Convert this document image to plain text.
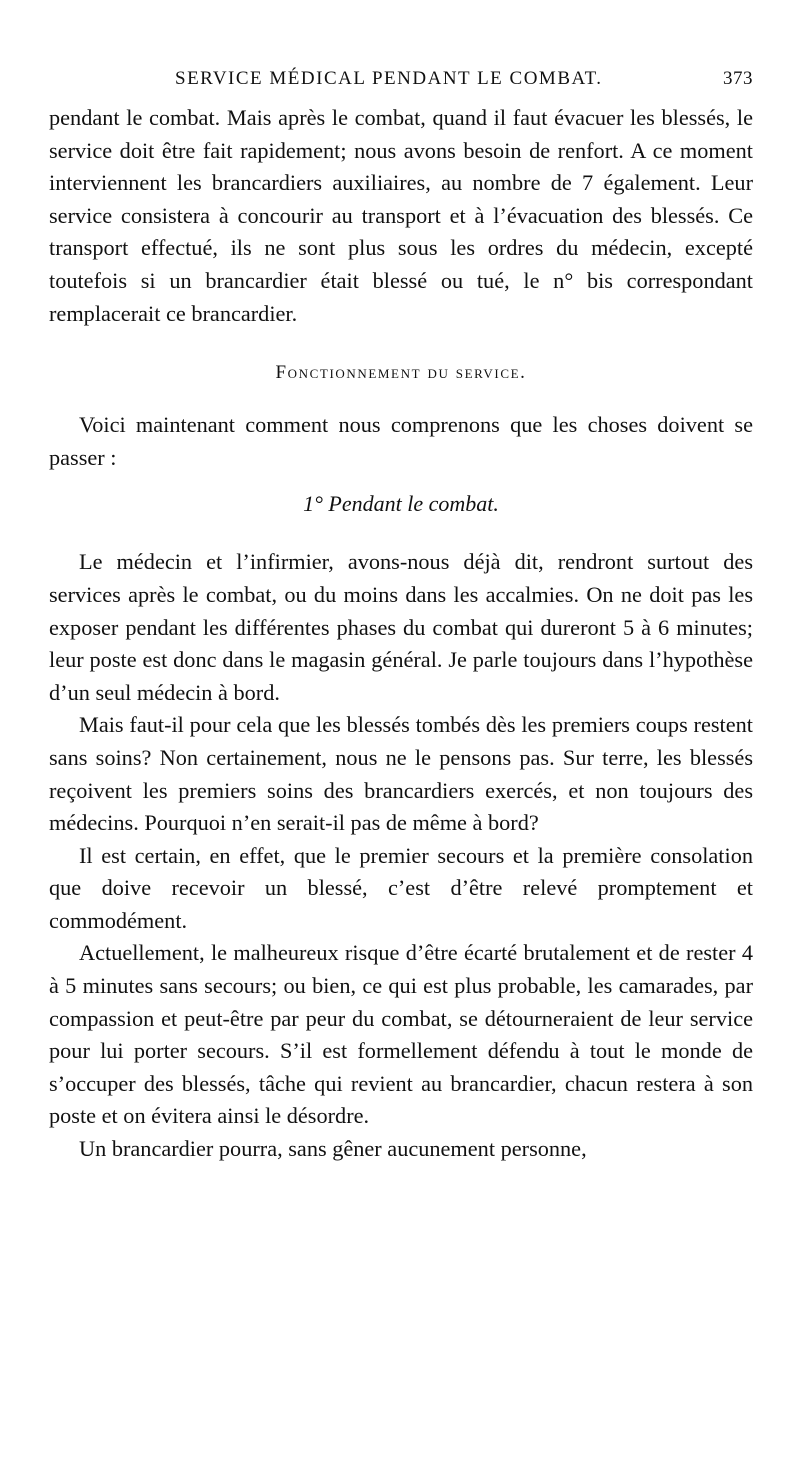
SERVICE MÉDICAL PENDANT LE COMBAT.	373

pendant le combat. Mais après le combat, quand il faut évacuer les blessés, le service doit être fait rapidement; nous avons besoin de renfort. A ce moment interviennent les brancardiers auxiliaires, au nombre de 7 également. Leur service consistera à concourir au transport et à l’évacuation des blessés. Ce transport effectué, ils ne sont plus sous les ordres du médecin, excepté toutefois si un brancardier était blessé ou tué, le n° bis correspondant remplacerait ce brancardier.

Fonctionnement du service.

Voici maintenant comment nous comprenons que les choses doivent se passer :

1° Pendant le combat.

Le médecin et l’infirmier, avons-nous déjà dit, rendront surtout des services après le combat, ou du moins dans les accalmies. On ne doit pas les exposer pendant les différentes phases du combat qui dureront 5 à 6 minutes; leur poste est donc dans le magasin général. Je parle toujours dans l’hypothèse d’un seul médecin à bord.

Mais faut-il pour cela que les blessés tombés dès les premiers coups restent sans soins? Non certainement, nous ne le pensons pas. Sur terre, les blessés reçoivent les premiers soins des brancardiers exercés, et non toujours des médecins. Pourquoi n’en serait-il pas de même à bord?

Il est certain, en effet, que le premier secours et la première consolation que doive recevoir un blessé, c’est d’être relevé promptement et commodément.

Actuellement, le malheureux risque d’être écarté brutalement et de rester 4 à 5 minutes sans secours; ou bien, ce qui est plus probable, les camarades, par compassion et peut-être par peur du combat, se détourneraient de leur service pour lui porter secours. S’il est formellement défendu à tout le monde de s’occuper des blessés, tâche qui revient au brancardier, chacun restera à son poste et on évitera ainsi le désordre.

Un brancardier pourra, sans gêner aucunement personne,
